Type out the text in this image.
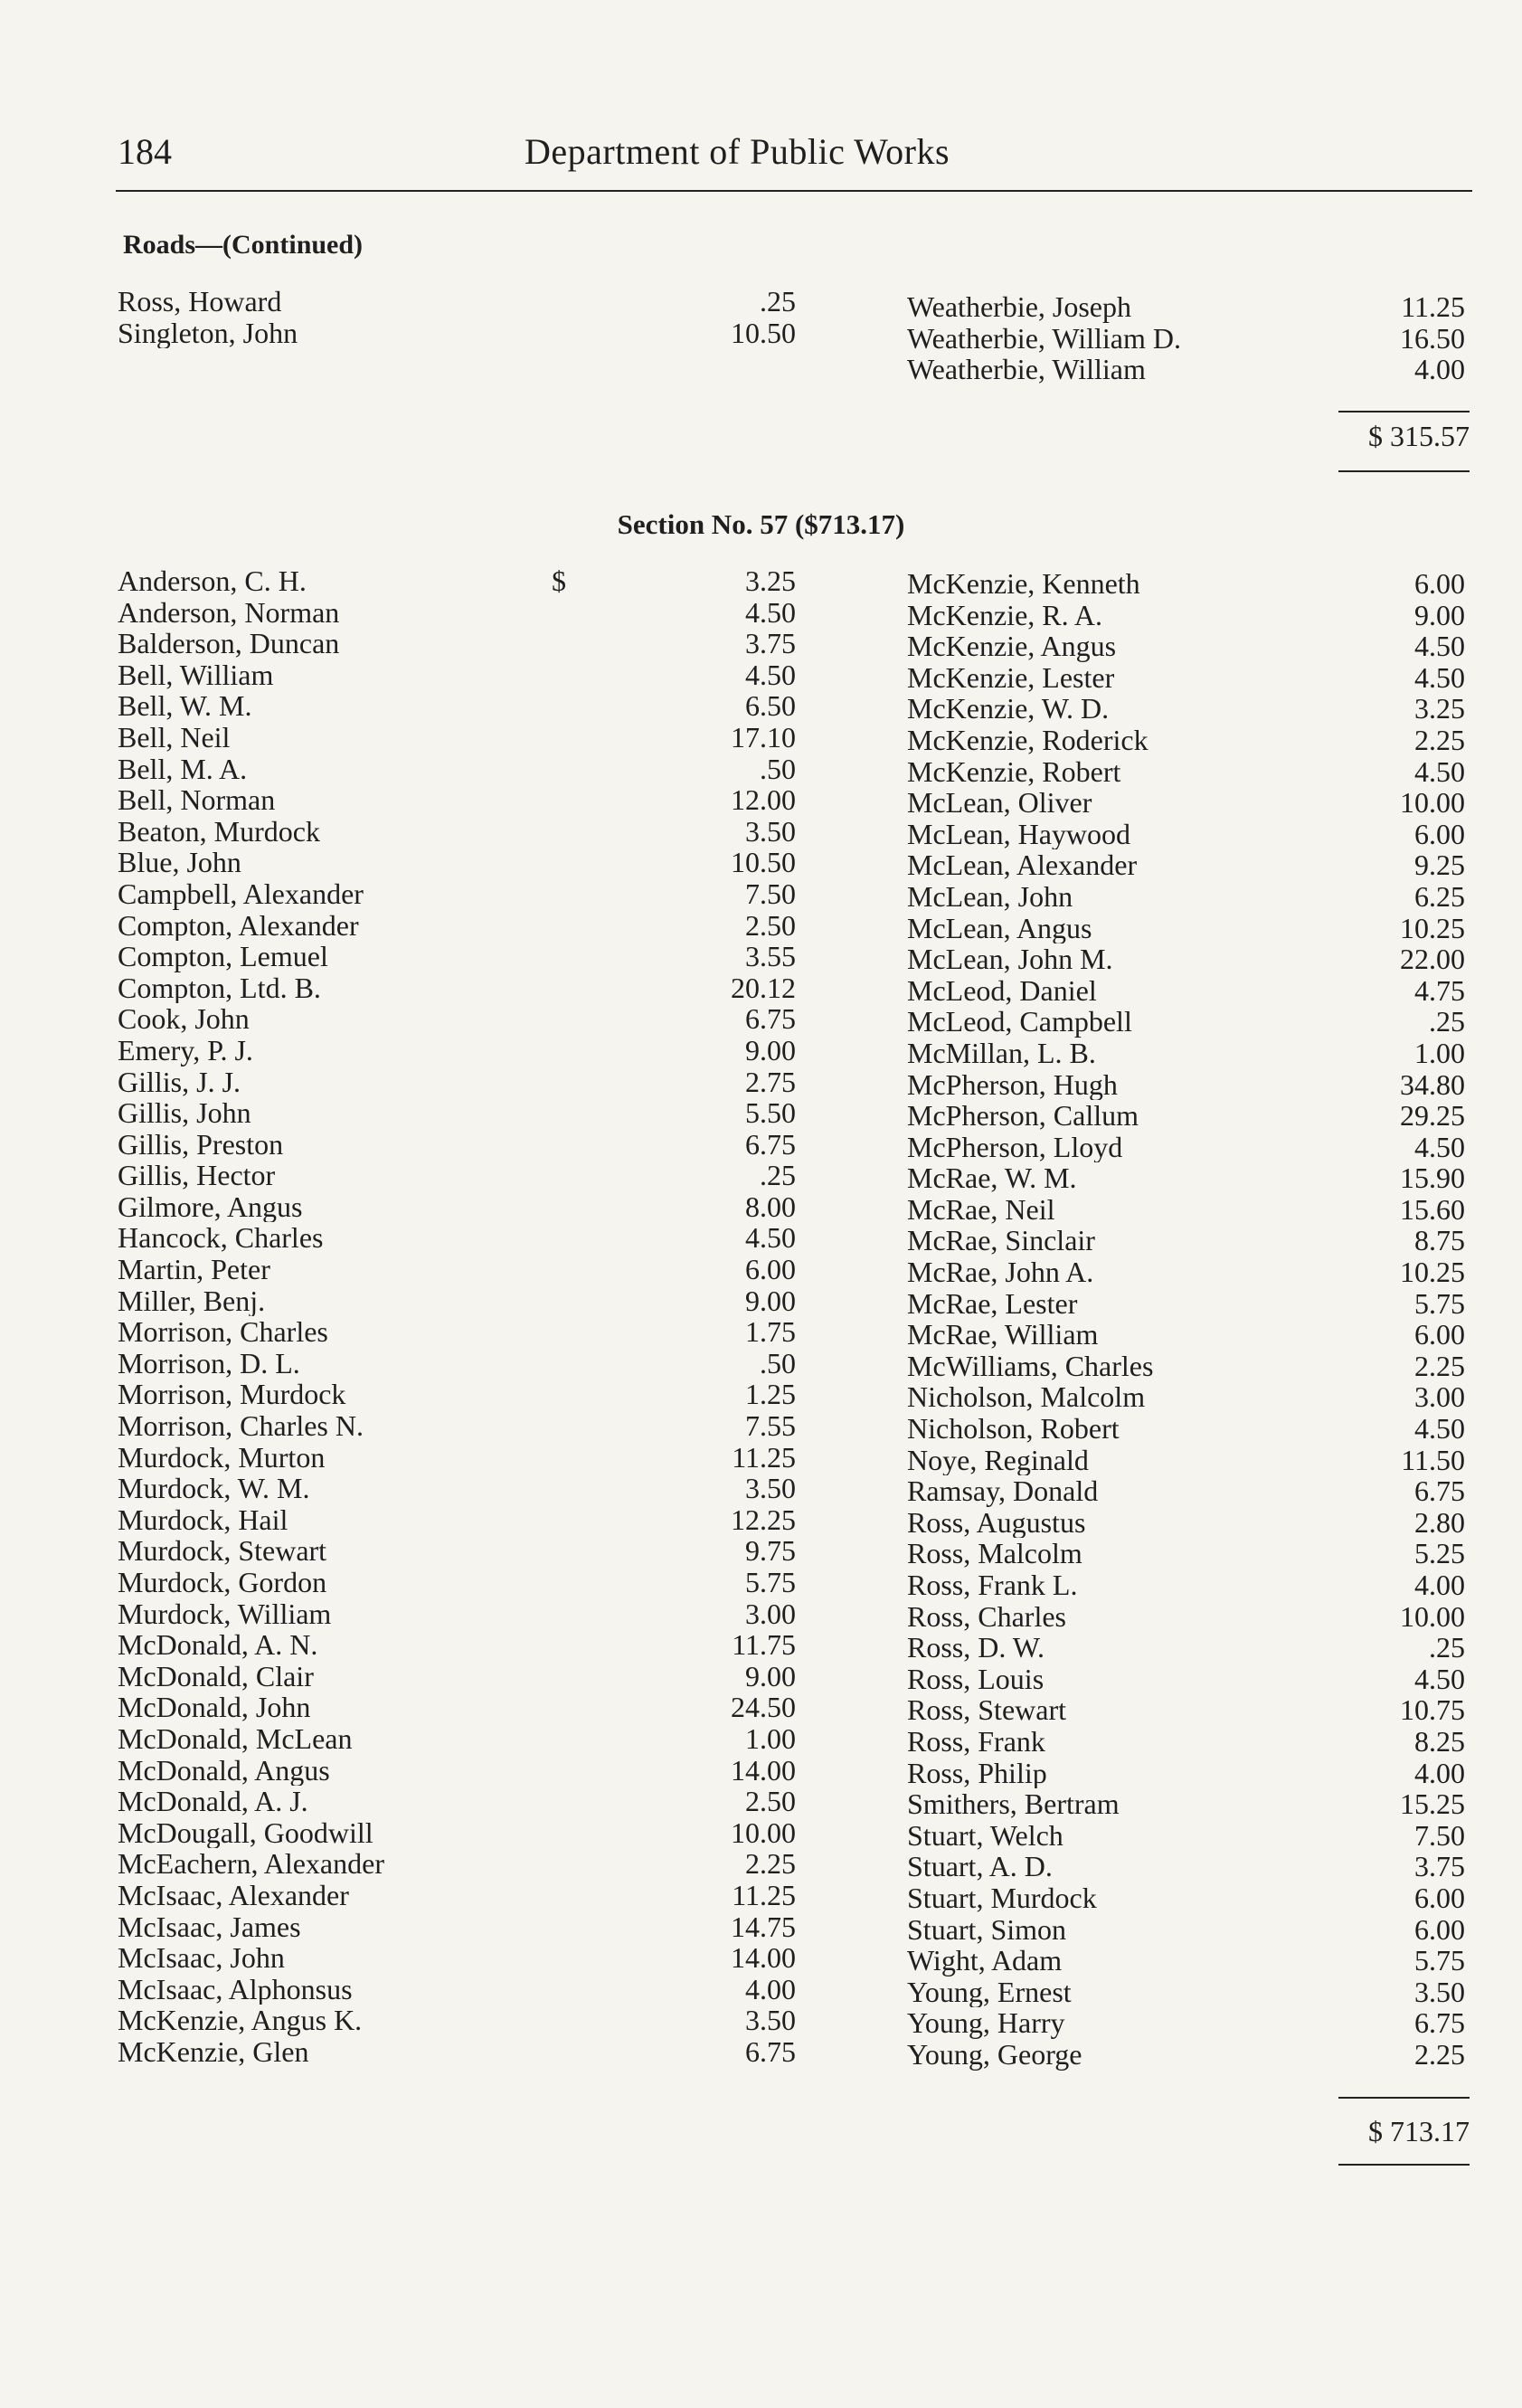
184	Department of Public Works
Roads—(Continued)
Ross, Howard	.25
Singleton, John	10.50
Weatherbie, Joseph	11.25
Weatherbie, William D.	16.50
Weatherbie, William	4.00
$ 315.57
Section No. 57 ($713.17)
Anderson, C. H.	$	3.25
Anderson, Norman	4.50
Balderson, Duncan	3.75
Bell, William	4.50
Bell, W. M.	6.50
Bell, Neil	17.10
Bell, M. A.	.50
Bell, Norman	12.00
Beaton, Murdock	3.50
Blue, John	10.50
Campbell, Alexander	7.50
Compton, Alexander	2.50
Compton, Lemuel	3.55
Compton, Ltd. B.	20.12
Cook, John	6.75
Emery, P. J.	9.00
Gillis, J. J.	2.75
Gillis, John	5.50
Gillis, Preston	6.75
Gillis, Hector	.25
Gilmore, Angus	8.00
Hancock, Charles	4.50
Martin, Peter	6.00
Miller, Benj.	9.00
Morrison, Charles	1.75
Morrison, D. L.	.50
Morrison, Murdock	1.25
Morrison, Charles N.	7.55
Murdock, Murton	11.25
Murdock, W. M.	3.50
Murdock, Hail	12.25
Murdock, Stewart	9.75
Murdock, Gordon	5.75
Murdock, William	3.00
McDonald, A. N.	11.75
McDonald, Clair	9.00
McDonald, John	24.50
McDonald, McLean	1.00
McDonald, Angus	14.00
McDonald, A. J.	2.50
McDougall, Goodwill	10.00
McEachern, Alexander	2.25
McIsaac, Alexander	11.25
McIsaac, James	14.75
McIsaac, John	14.00
McIsaac, Alphonsus	4.00
McKenzie, Angus K.	3.50
McKenzie, Glen	6.75
McKenzie, Kenneth	6.00
McKenzie, R. A.	9.00
McKenzie, Angus	4.50
McKenzie, Lester	4.50
McKenzie, W. D.	3.25
McKenzie, Roderick	2.25
McKenzie, Robert	4.50
McLean, Oliver	10.00
McLean, Haywood	6.00
McLean, Alexander	9.25
McLean, John	6.25
McLean, Angus	10.25
McLean, John M.	22.00
McLeod, Daniel	4.75
McLeod, Campbell	.25
McMillan, L. B.	1.00
McPherson, Hugh	34.80
McPherson, Callum	29.25
McPherson, Lloyd	4.50
McRae, W. M.	15.90
McRae, Neil	15.60
McRae, Sinclair	8.75
McRae, John A.	10.25
McRae, Lester	5.75
McRae, William	6.00
McWilliams, Charles	2.25
Nicholson, Malcolm	3.00
Nicholson, Robert	4.50
Noye, Reginald	11.50
Ramsay, Donald	6.75
Ross, Augustus	2.80
Ross, Malcolm	5.25
Ross, Frank L.	4.00
Ross, Charles	10.00
Ross, D. W.	.25
Ross, Louis	4.50
Ross, Stewart	10.75
Ross, Frank	8.25
Ross, Philip	4.00
Smithers, Bertram	15.25
Stuart, Welch	7.50
Stuart, A. D.	3.75
Stuart, Murdock	6.00
Stuart, Simon	6.00
Wight, Adam	5.75
Young, Ernest	3.50
Young, Harry	6.75
Young, George	2.25
$ 713.17
